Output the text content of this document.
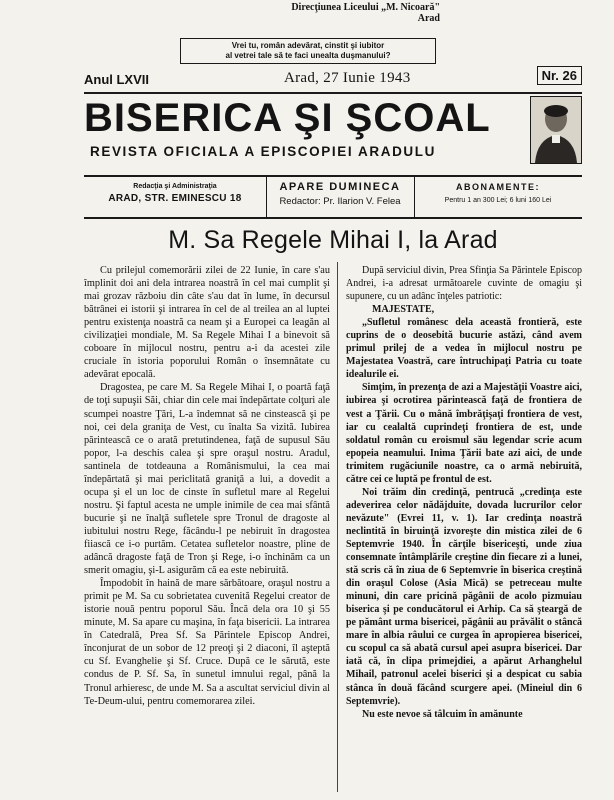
Direcţiunea Liceului „M. Nicoară"
Arad
Vrei tu, român adevărat, cinstit şi iubitor
al vetrei tale să te faci unealta duşmanului?
Anul LXVII	Arad, 27 Iunie 1943	Nr. 26
BISERICA ŞI ŞCOAL
REVISTA OFICIALA A EPISCOPIEI ARADULU
Redacţia şi Administraţia
ARAD, STR. EMINESCU 18
APARE DUMINECA
Redactor: Pr. Ilarion V. Felea
ABONAMENTE:
Pentru 1 an 300 Lei; 6 luni 160 Lei
M. Sa Regele Mihai I, la Arad

Cu prilejul comemorării zilei de 22 Iunie, în care s'au împlinit doi ani dela intrarea noastră în cel mai cumplit şi mai grozav războiu din câte s'au dat în lume, în decursul bătrânei ei istorii şi intrarea în cel de al treilea an al luptei pentru existenţa noastră ca neam şi a Europei ca leagăn al civilizaţiei mondiale, M. Sa Regele Mihai I a binevoit să coboare în mijlocul nostru, pentru a-i da acestei zile cruciale în istoria poporului Român o însemnătate cu adevărat epocală.

Dragostea, pe care M. Sa Regele Mihai I, o poartă faţă de toţi supuşii Săi, chiar din cele mai îndepărtate colţuri ale scumpei noastre Ţări, L-a îndemnat să ne cinstească şi pe noi, cei dela graniţa de Vest, cu înalta Sa vizită. Iubirea părintească ce o arată pretutindenea, faţă de supusul Său popor, l-a deschis calea şi spre oraşul nostru. Aradul, santinela de totdeauna a Românismului, la cea mai îndepărtată şi mai periclitată graniţă a lui, a dovedit a ocupa şi el un loc de cinste în sufletul mare al Regelui nostru. Şi faptul acesta ne umple inimile de cea mai sfântă bucurie şi ne înalţă sufletele spre Tronul de dragoste al iubitului nostru Rege, făcându-l pe nebiruit în dragostea fiiască ce i-o purtăm. Cetatea sufletelor noastre, pline de adâncă dragoste faţă de Tron şi Rege, i-o închinăm ca un smerit omagiu, şi-L asigurăm că ea este nebiruită.

Împodobit în haină de mare sărbătoare, oraşul nostru a primit pe M. Sa cu sobrietatea cuvenită Regelui creator de istorie nouă pentru poporul Său. Încă dela ora 10 şi 55 minute, M. Sa apare cu maşina, în faţa bisericii. La intrarea în Catedrală, Prea Sf. Sa Părintele Episcop Andrei, înconjurat de un sobor de 12 preoţi şi 2 diaconi, îl aşteptă cu Sf. Evanghelie şi Sf. Cruce. După ce le sărută, este condus de P. Sf. Sa, în sunetul imnului regal, până la Tronul arhieresc, de unde M. Sa a ascultat serviciul divin al Te-Deum-ului, pentru comemorarea zilei.

După serviciul divin, Prea Sfinţia Sa Părintele Episcop Andrei, i-a adresat următoarele cuvinte de omagiu şi supunere, cu un adânc înţeles patriotic:

MAJESTATE,

„Sufletul românesc dela această frontieră, este cuprins de o deosebită bucurie astăzi, când avem primul prilej de a vedea în mijlocul nostru pe Majestatea Voastră, care întruchipaţi Patria cu toate idealurile ei.

Simţim, în prezenţa de azi a Majestăţii Voastre aici, iubirea şi ocrotirea părintească faţă de frontiera de vest a Ţării. Cu o mână îmbrăţişaţi frontiera de vest, iar cu cealaltă cuprindeţi frontiera de est, unde soldatul român cu eroismul său legendar scrie acum epopeia neamului. Inima Ţării bate azi aici, de unde trimitem rugăciunile noastre, ca o armă nebiruită, către cei ce luptă pe frontul de est.

Noi trăim din credinţă, pentrucă „credinţa este adeverirea celor nădăjduite, dovada lucrurilor celor nevăzute" (Evrei 11, v. 1). Iar credinţa noastră neclintită în biruinţă izvoreşte din mistica zilei de 6 Septemvrie 1940. În cărţile bisericeşti, unde ziua consemnate întâmplările creştine din fiecare zi a lunei, stă scris că în ziua de 6 Septemvrie în biserica creştină din oraşul Colose (Asia Mică) se petreceau multe minuni, din care pricină păgânii de acolo pizmuiau biserica şi pe conducătorul ei Arhip. Ca să şteargă de pe pământ urma bisericei, păgânii au prăvălit o stâncă mare în albia râului ce curgea în apropierea bisericei, cu scopul ca să abată cursul apei asupra bisericei. Dar iată că, în clipa primejdiei, a apărut Arhanghelul Mihail, patronul acelei biserici şi a despicat cu sabia stânca în două făcând scurgere apei. (Mineiul din 6 Septemvrie).

Nu este nevoe să tâlcuim în amănunte
